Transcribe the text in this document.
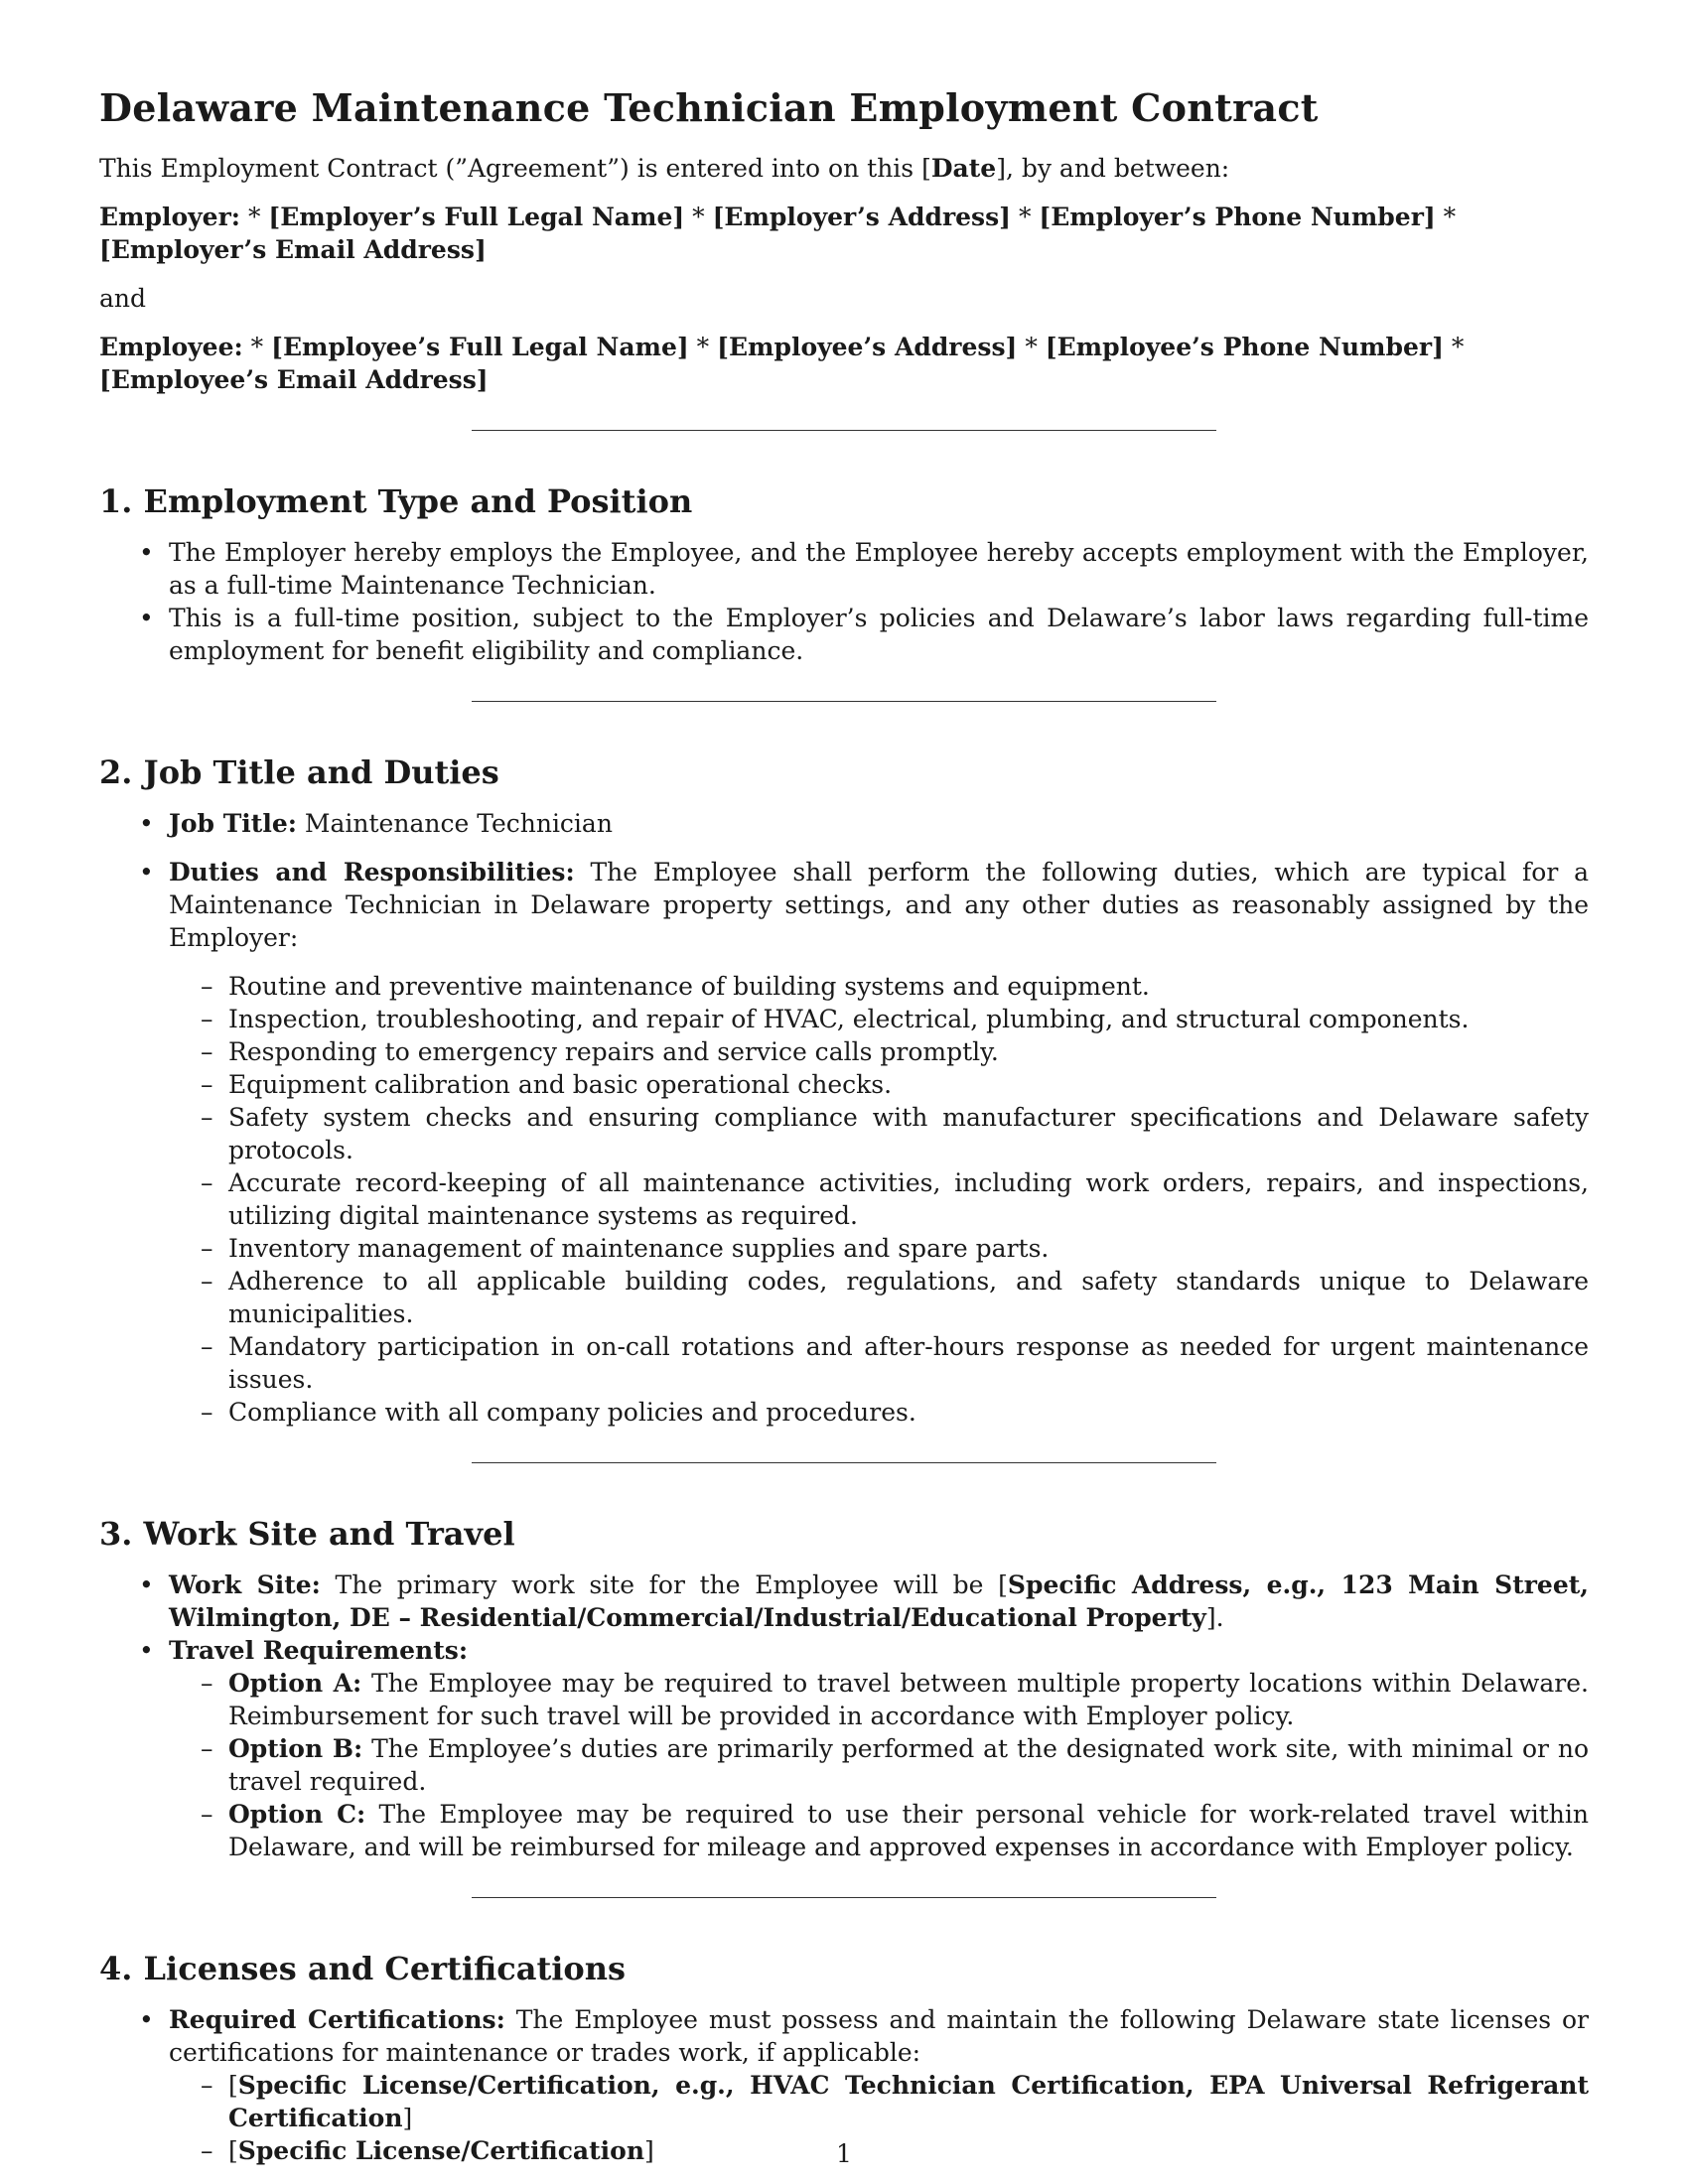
Delaware Maintenance Technician Employment Contract

This Employment Contract (”Agreement”) is entered into on this [Date], by and between:

Employer: * [Employer’s Full Legal Name] * [Employer’s Address] * [Employer’s Phone Number] * [Employer’s Email Address]

and

Employee: * [Employee’s Full Legal Name] * [Employee’s Address] * [Employee’s Phone Number] * [Employee’s Email Address]

1. Employment Type and Position
• The Employer hereby employs the Employee, and the Employee hereby accepts employment with the Employer, as a full-time Maintenance Technician.
• This is a full-time position, subject to the Employer’s policies and Delaware’s labor laws regarding full-time employment for benefit eligibility and compliance.
2. Job Title and Duties
• Job Title: Maintenance Technician
• Duties and Responsibilities: The Employee shall perform the following duties, which are typical for a Maintenance Technician in Delaware property settings, and any other duties as reasonably assigned by the Employer:
– Routine and preventive maintenance of building systems and equipment.
– Inspection, troubleshooting, and repair of HVAC, electrical, plumbing, and structural components.
– Responding to emergency repairs and service calls promptly.
– Equipment calibration and basic operational checks.
– Safety system checks and ensuring compliance with manufacturer specifications and Delaware safety protocols.
– Accurate record-keeping of all maintenance activities, including work orders, repairs, and inspections, utilizing digital maintenance systems as required.
– Inventory management of maintenance supplies and spare parts.
– Adherence to all applicable building codes, regulations, and safety standards unique to Delaware municipalities.
– Mandatory participation in on-call rotations and after-hours response as needed for urgent maintenance issues.
– Compliance with all company policies and procedures.
3. Work Site and Travel
• Work Site: The primary work site for the Employee will be [Specific Address, e.g., 123 Main Street, Wilmington, DE – Residential/Commercial/Industrial/Educational Property].
• Travel Requirements:
– Option A: The Employee may be required to travel between multiple property locations within Delaware. Reimbursement for such travel will be provided in accordance with Employer policy.
– Option B: The Employee’s duties are primarily performed at the designated work site, with minimal or no travel required.
– Option C: The Employee may be required to use their personal vehicle for work-related travel within Delaware, and will be reimbursed for mileage and approved expenses in accordance with Employer policy.
4. Licenses and Certifications
• Required Certifications: The Employee must possess and maintain the following Delaware state licenses or certifications for maintenance or trades work, if applicable:
– [Specific License/Certification, e.g., HVAC Technician Certification, EPA Universal Refrigerant Certification]
– [Specific License/Certification]	1
